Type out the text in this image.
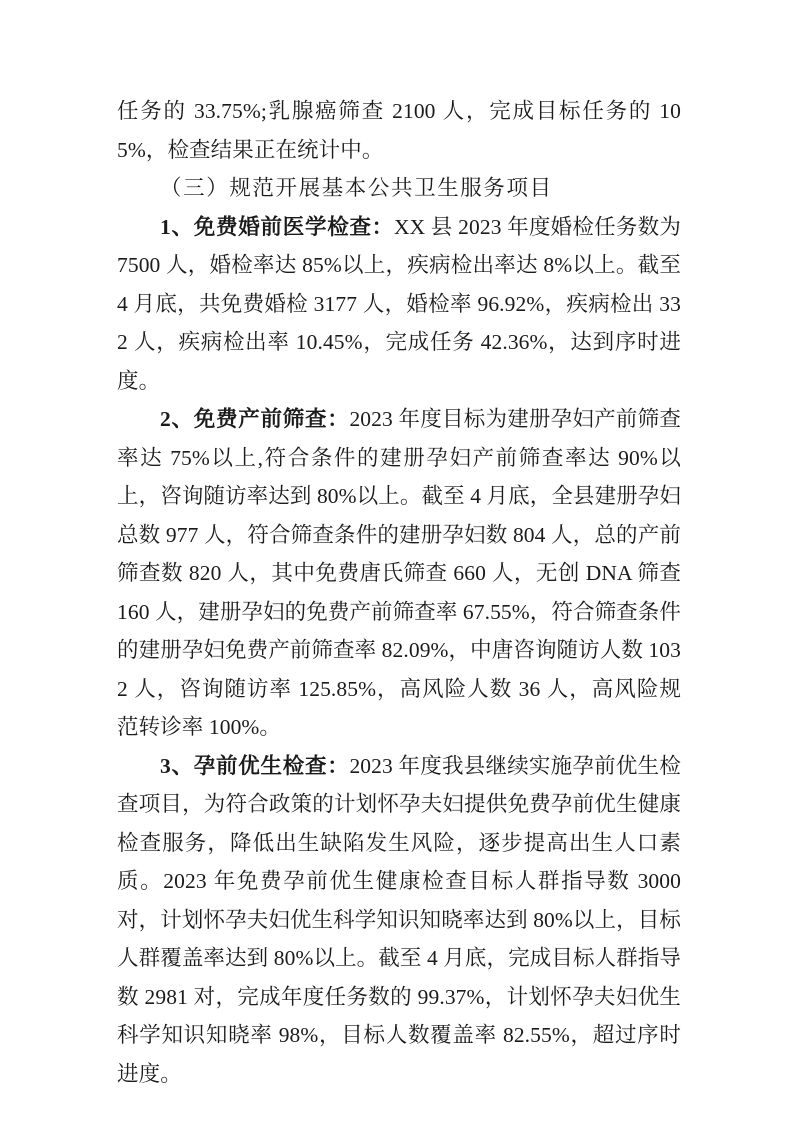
任务的 33.75%;乳腺癌筛查 2100 人，完成目标任务的 105%，检查结果正在统计中。

（三）规范开展基本公共卫生服务项目

1、免费婚前医学检查：XX 县 2023 年度婚检任务数为 7500 人，婚检率达 85%以上，疾病检出率达 8%以上。截至 4 月底，共免费婚检 3177 人，婚检率 96.92%，疾病检出 332 人，疾病检出率 10.45%，完成任务 42.36%，达到序时进度。

2、免费产前筛查：2023 年度目标为建册孕妇产前筛查率达 75%以上,符合条件的建册孕妇产前筛查率达 90%以上，咨询随访率达到 80%以上。截至 4 月底，全县建册孕妇总数 977 人，符合筛查条件的建册孕妇数 804 人，总的产前筛查数 820 人，其中免费唐氏筛查 660 人，无创 DNA 筛查 160 人，建册孕妇的免费产前筛查率 67.55%，符合筛查条件的建册孕妇免费产前筛查率 82.09%，中唐咨询随访人数 1032 人，咨询随访率 125.85%，高风险人数 36 人，高风险规范转诊率 100%。

3、孕前优生检查：2023 年度我县继续实施孕前优生检查项目，为符合政策的计划怀孕夫妇提供免费孕前优生健康检查服务，降低出生缺陷发生风险，逐步提高出生人口素质。2023 年免费孕前优生健康检查目标人群指导数 3000 对，计划怀孕夫妇优生科学知识知晓率达到 80%以上，目标人群覆盖率达到 80%以上。截至 4 月底，完成目标人群指导数 2981 对，完成年度任务数的 99.37%，计划怀孕夫妇优生科学知识知晓率 98%，目标人数覆盖率 82.55%，超过序时进度。
